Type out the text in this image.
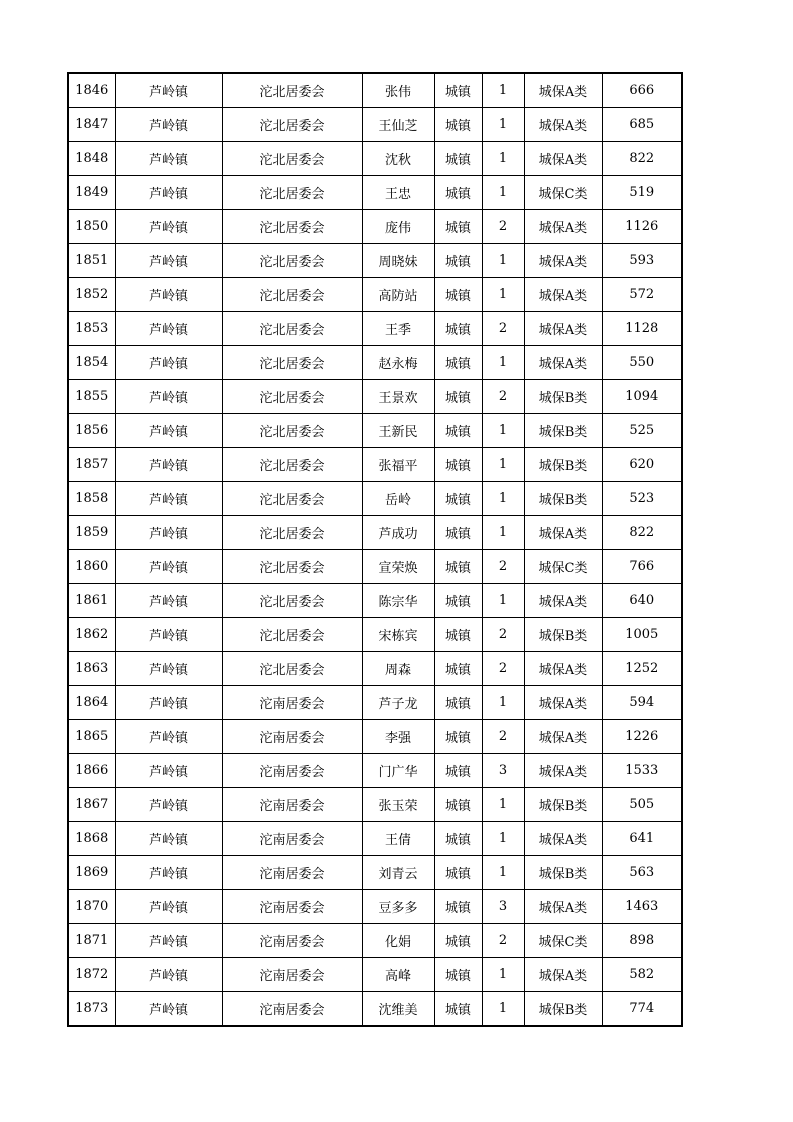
1846	芦岭镇	沱北居委会	张伟	城镇	1	城保A类	666
1847	芦岭镇	沱北居委会	王仙芝	城镇	1	城保A类	685
1848	芦岭镇	沱北居委会	沈秋	城镇	1	城保A类	822
1849	芦岭镇	沱北居委会	王忠	城镇	1	城保C类	519
1850	芦岭镇	沱北居委会	庞伟	城镇	2	城保A类	1126
1851	芦岭镇	沱北居委会	周晓妹	城镇	1	城保A类	593
1852	芦岭镇	沱北居委会	高防站	城镇	1	城保A类	572
1853	芦岭镇	沱北居委会	王季	城镇	2	城保A类	1128
1854	芦岭镇	沱北居委会	赵永梅	城镇	1	城保A类	550
1855	芦岭镇	沱北居委会	王景欢	城镇	2	城保B类	1094
1856	芦岭镇	沱北居委会	王新民	城镇	1	城保B类	525
1857	芦岭镇	沱北居委会	张福平	城镇	1	城保B类	620
1858	芦岭镇	沱北居委会	岳岭	城镇	1	城保B类	523
1859	芦岭镇	沱北居委会	芦成功	城镇	1	城保A类	822
1860	芦岭镇	沱北居委会	宣荣焕	城镇	2	城保C类	766
1861	芦岭镇	沱北居委会	陈宗华	城镇	1	城保A类	640
1862	芦岭镇	沱北居委会	宋栋宾	城镇	2	城保B类	1005
1863	芦岭镇	沱北居委会	周森	城镇	2	城保A类	1252
1864	芦岭镇	沱南居委会	芦子龙	城镇	1	城保A类	594
1865	芦岭镇	沱南居委会	李强	城镇	2	城保A类	1226
1866	芦岭镇	沱南居委会	门广华	城镇	3	城保A类	1533
1867	芦岭镇	沱南居委会	张玉荣	城镇	1	城保B类	505
1868	芦岭镇	沱南居委会	王倩	城镇	1	城保A类	641
1869	芦岭镇	沱南居委会	刘青云	城镇	1	城保B类	563
1870	芦岭镇	沱南居委会	豆多多	城镇	3	城保A类	1463
1871	芦岭镇	沱南居委会	化娟	城镇	2	城保C类	898
1872	芦岭镇	沱南居委会	高峰	城镇	1	城保A类	582
1873	芦岭镇	沱南居委会	沈维美	城镇	1	城保B类	774
